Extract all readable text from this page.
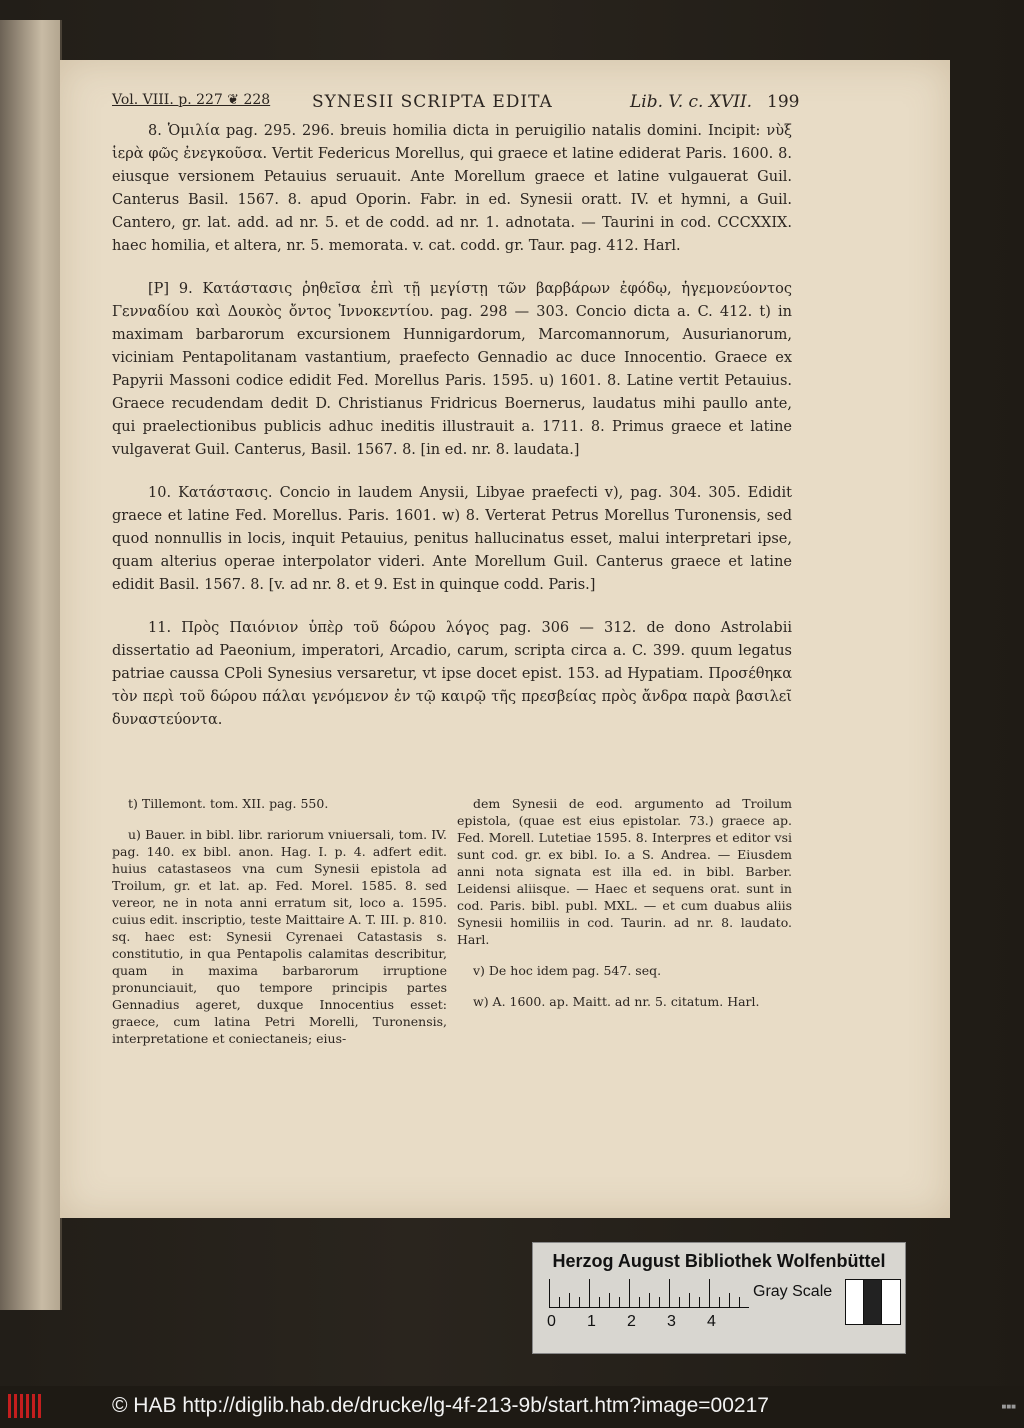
Vol. VIII. p. 227 ❦ 228 SYNESII SCRIPTA EDITA	Lib. V. c. XVII. 199

8. Ὁμιλία pag. 295. 296. breuis homilia dicta in peruigilio natalis domini. Incipit: νὺξ ἱερὰ φῶς ἐνεγκοῦσα. Vertit Federicus Morellus, qui graece et latine ediderat Paris. 1600. 8. eiusque versionem Petauius seruauit. Ante Morellum graece et latine vulgauerat Guil. Canterus Basil. 1567. 8. apud Oporin. Fabr. in ed. Synesii oratt. IV. et hymni, a Guil. Cantero, gr. lat. add. ad nr. 5. et de codd. ad nr. 1. adnotata. — Taurini in cod. CCCXXIX. haec homilia, et altera, nr. 5. memorata. v. cat. codd. gr. Taur. pag. 412. Harl.

[P] 9. Κατάστασις ῥηθεῖσα ἐπὶ τῇ μεγίστῃ τῶν βαρβάρων ἐφόδῳ, ἡγεμονεύοντος Γενναδίου καὶ Δουκὸς ὄντος Ἰννοκεντίου. pag. 298 — 303. Concio dicta a. C. 412. t) in maximam barbarorum excursionem Hunnigardorum, Marcomannorum, Ausurianorum, viciniam Pentapolitanam vastantium, praefecto Gennadio ac duce Innocentio. Graece ex Papyrii Massoni codice edidit Fed. Morellus Paris. 1595. u) 1601. 8. Latine vertit Petauius. Graece recudendam dedit D. Christianus Fridricus Boernerus, laudatus mihi paullo ante, qui praelectionibus publicis adhuc ineditis illustrauit a. 1711. 8. Primus graece et latine vulgaverat Guil. Canterus, Basil. 1567. 8. [in ed. nr. 8. laudata.]

10. Κατάστασις. Concio in laudem Anysii, Libyae praefecti v), pag. 304. 305. Edidit graece et latine Fed. Morellus. Paris. 1601. w) 8. Verterat Petrus Morellus Turonensis, sed quod nonnullis in locis, inquit Petauius, penitus hallucinatus esset, malui interpretari ipse, quam alterius operae interpolator videri. Ante Morellum Guil. Canterus graece et latine edidit Basil. 1567. 8. [v. ad nr. 8. et 9. Est in quinque codd. Paris.]

11. Πρὸς Παιόνιον ὑπὲρ τοῦ δώρου λόγος pag. 306 — 312. de dono Astrolabii dissertatio ad Paeonium, imperatori, Arcadio, carum, scripta circa a. C. 399. quum legatus patriae caussa CPoli Synesius versaretur, vt ipse docet epist. 153. ad Hypatiam. Προσέθηκα τὸν περὶ τοῦ δώρου πάλαι γενόμενον ἐν τῷ καιρῷ τῆς πρεσβείας πρὸς ἄνδρα παρὰ βασιλεῖ δυναστεύοντα.

t) Tillemont. tom. XII. pag. 550.

u) Bauer. in bibl. libr. rariorum vniuersali, tom. IV. pag. 140. ex bibl. anon. Hag. I. p. 4. adfert edit. huius catastaseos vna cum Synesii epistola ad Troilum, gr. et lat. ap. Fed. Morel. 1585. 8. sed vereor, ne in nota anni erratum sit, loco a. 1595. cuius edit. inscriptio, teste Maittaire A. T. III. p. 810. sq. haec est: Synesii Cyrenaei Catastasis s. constitutio, in qua Pentapolis calamitas describitur, quam in maxima barbarorum irruptione pronunciauit, quo tempore principis partes Gennadius ageret, duxque Innocentius esset: graece, cum latina Petri Morelli, Turonensis, interpretatione et coniectaneis; eius-

dem Synesii de eod. argumento ad Troilum epistola, (quae est eius epistolar. 73.) graece ap. Fed. Morell. Lutetiae 1595. 8. Interpres et editor vsi sunt cod. gr. ex bibl. Io. a S. Andrea. — Eiusdem anni nota signata est illa ed. in bibl. Barber. Leidensi aliisque. — Haec et sequens orat. sunt in cod. Paris. bibl. publ. MXL. — et cum duabus aliis Synesii homiliis in cod. Taurin. ad nr. 8. laudato. Harl.

v) De hoc idem pag. 547. seq.

w) A. 1600. ap. Maitt. ad nr. 5. citatum. Harl.

Herzog August Bibliothek Wolfenbüttel
0 1 2 3 4
Gray Scale
© HAB http://diglib.hab.de/drucke/lg-4f-213-9b/start.htm?image=00217	■■■
